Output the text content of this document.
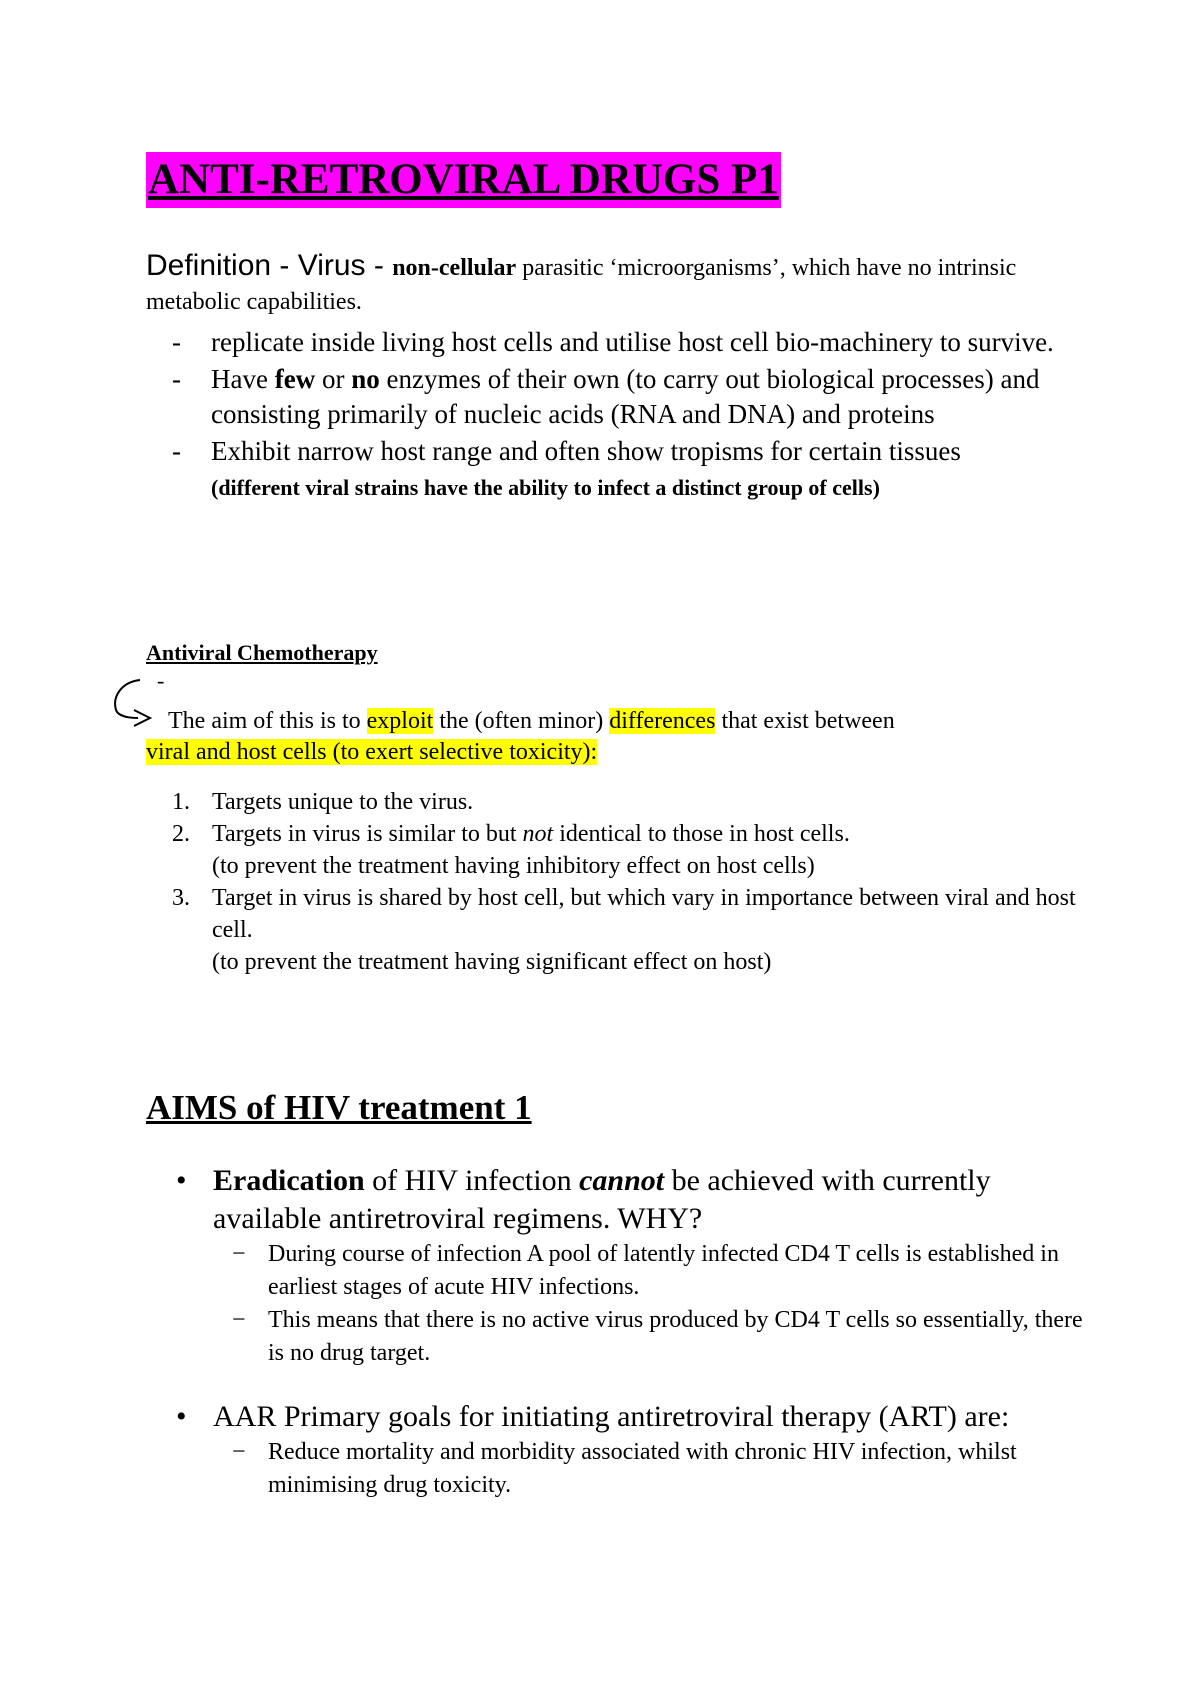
ANTI-RETROVIRAL DRUGS P1
Definition - Virus - non-cellular parasitic ‘microorganisms’, which have no intrinsic metabolic capabilities.
- replicate inside living host cells and utilise host cell bio-machinery to survive.
- Have few or no enzymes of their own (to carry out biological processes) and consisting primarily of nucleic acids (RNA and DNA) and proteins
- Exhibit narrow host range and often show tropisms for certain tissues
(different viral strains have the ability to infect a distinct group of cells)
Antiviral Chemotherapy
-
The aim of this is to exploit the (often minor) differences that exist between
viral and host cells (to exert selective toxicity):
1. Targets unique to the virus.
2. Targets in virus is similar to but not identical to those in host cells.
(to prevent the treatment having inhibitory effect on host cells)
3. Target in virus is shared by host cell, but which vary in importance between viral and host cell.
(to prevent the treatment having significant effect on host)
AIMS of HIV treatment 1
• Eradication of HIV infection cannot be achieved with currently available antiretroviral regimens. WHY?
− During course of infection A pool of latently infected CD4 T cells is established in earliest stages of acute HIV infections.
− This means that there is no active virus produced by CD4 T cells so essentially, there is no drug target.
• AAR Primary goals for initiating antiretroviral therapy (ART) are:
− Reduce mortality and morbidity associated with chronic HIV infection, whilst minimising drug toxicity.
